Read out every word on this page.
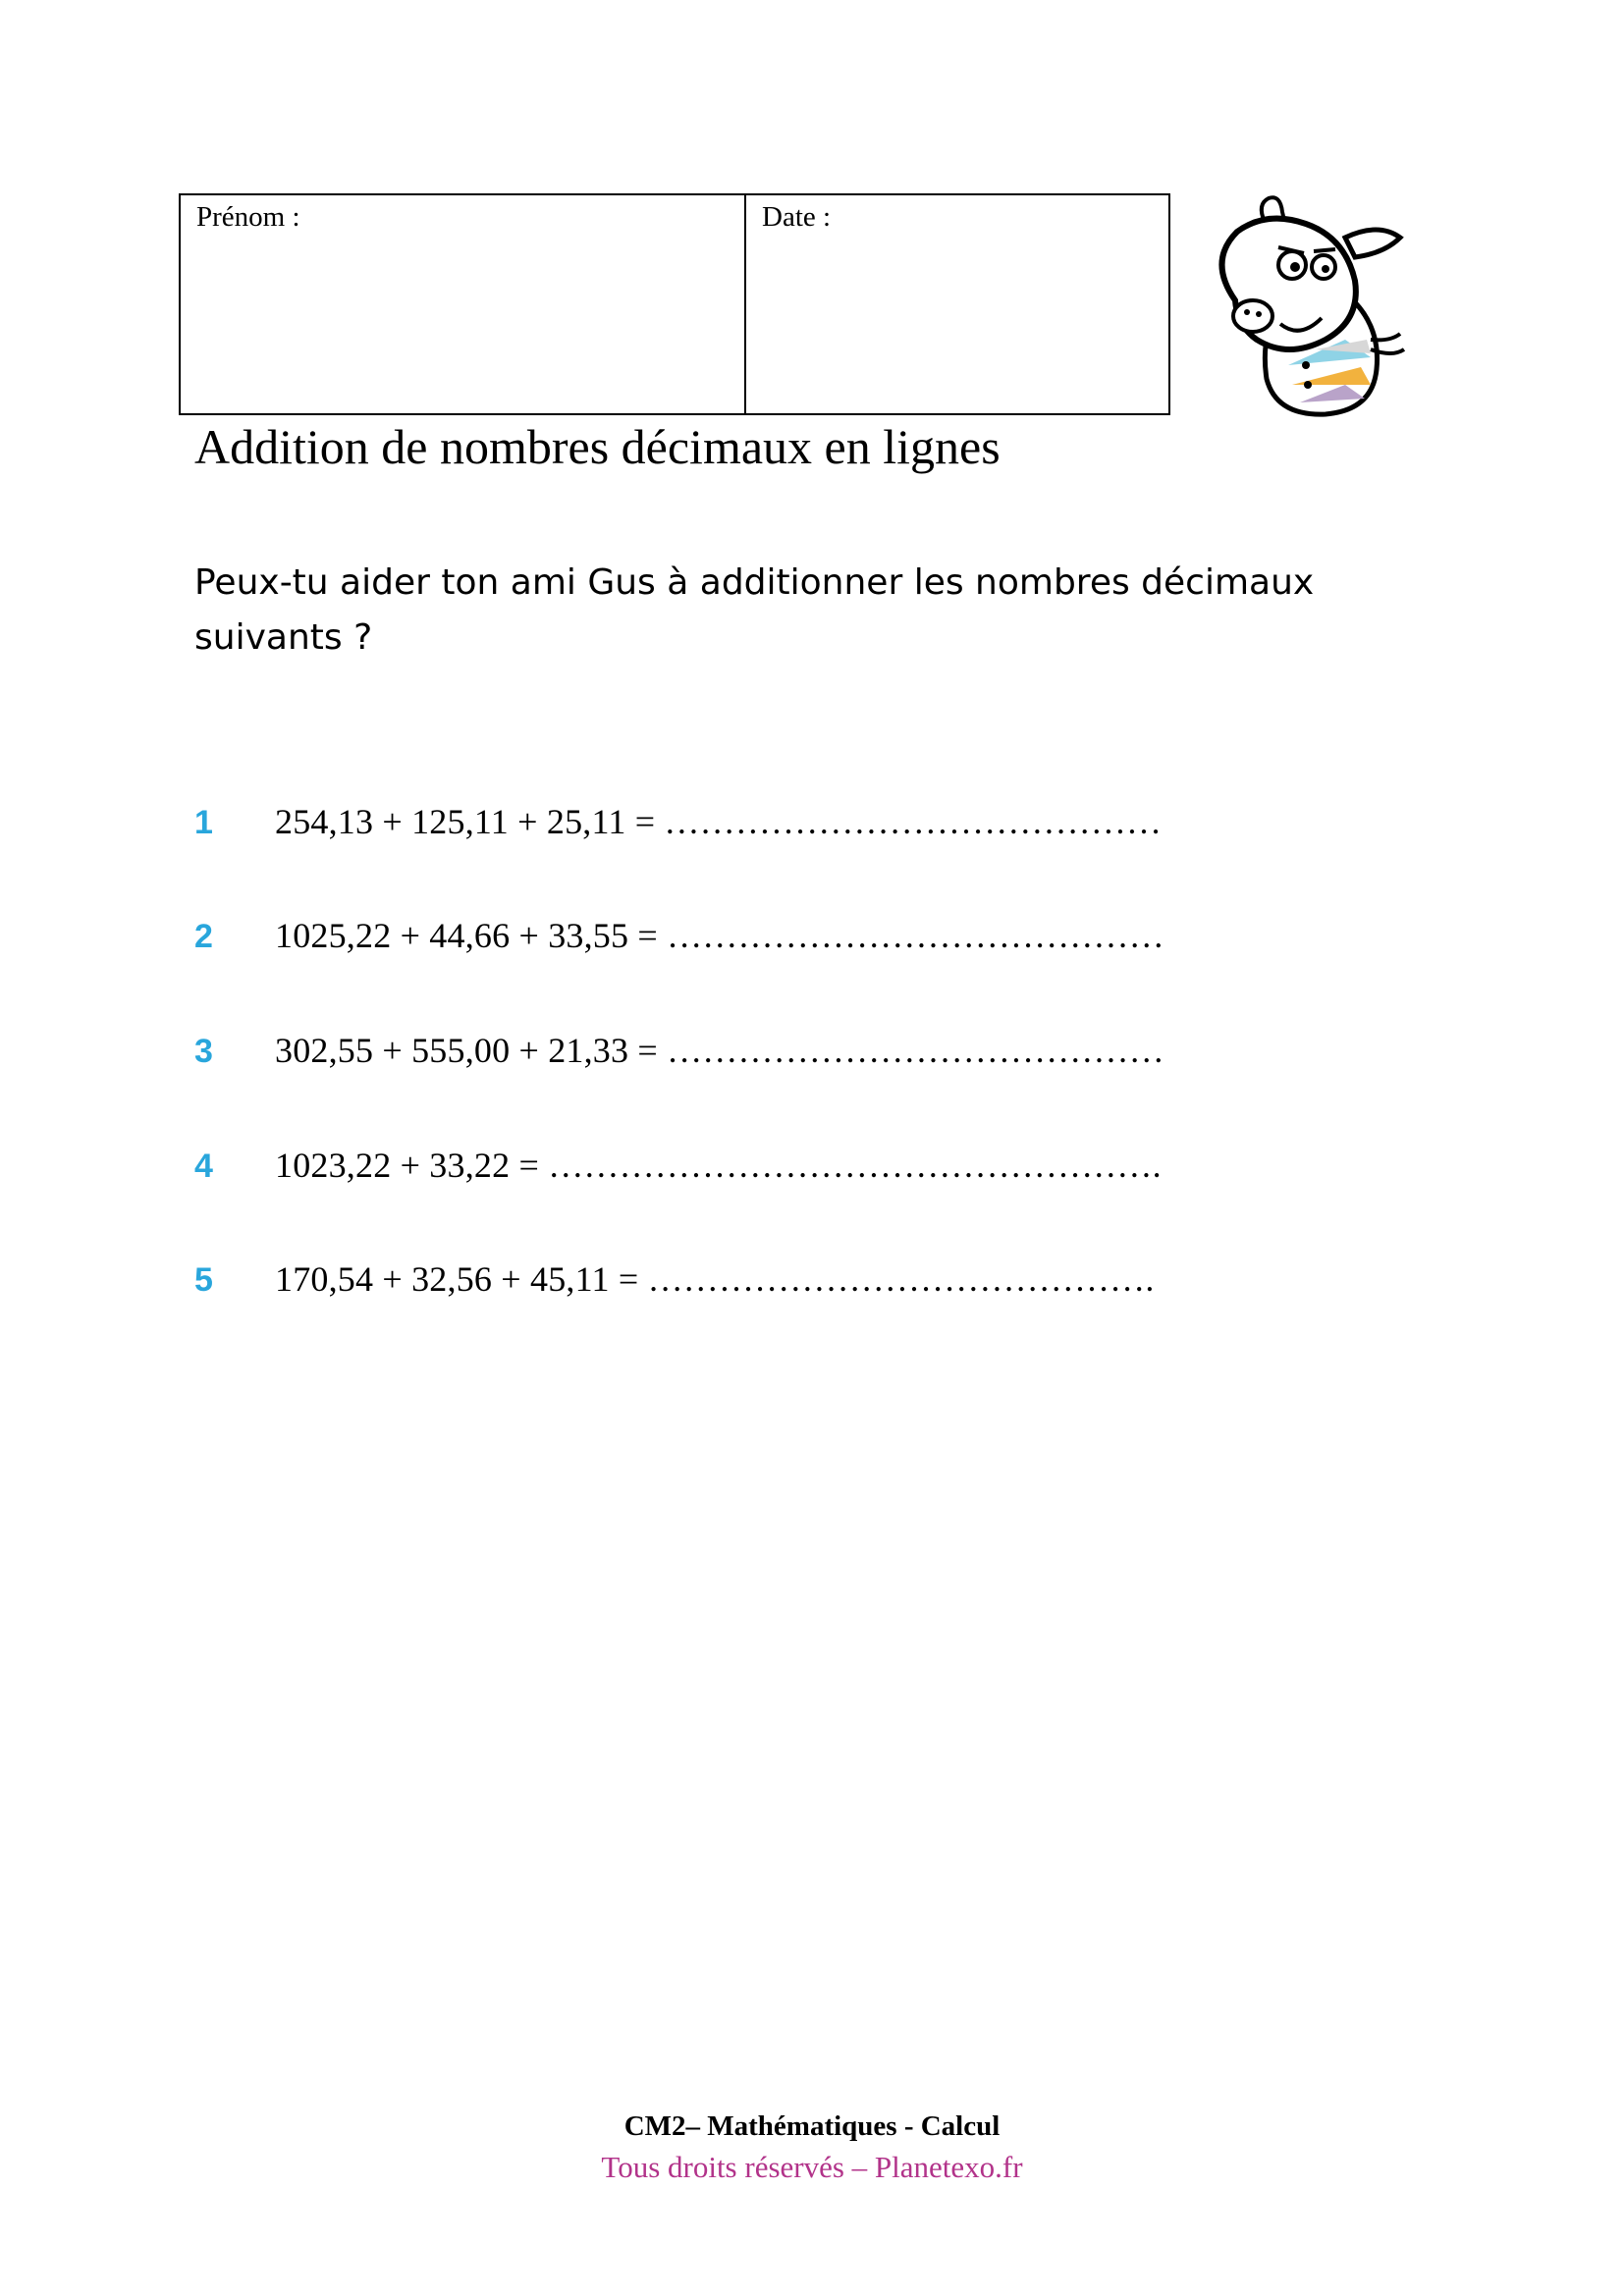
Prénom :	Date :
Addition de nombres décimaux en lignes
Peux-tu aider ton ami Gus à additionner les nombres décimaux suivants ?
1	254,13 + 125,11 + 25,11 = ……………………………………
2	1025,22 + 44,66 + 33,55 = ……………………………………
3	302,55 + 555,00 + 21,33 = ……………………………………
4	1023,22 + 33,22 = …………………………………………….
5	170,54 + 32,56 + 45,11 = …………………………………….
CM2– Mathématiques - Calcul
Tous droits réservés – Planetexo.fr
